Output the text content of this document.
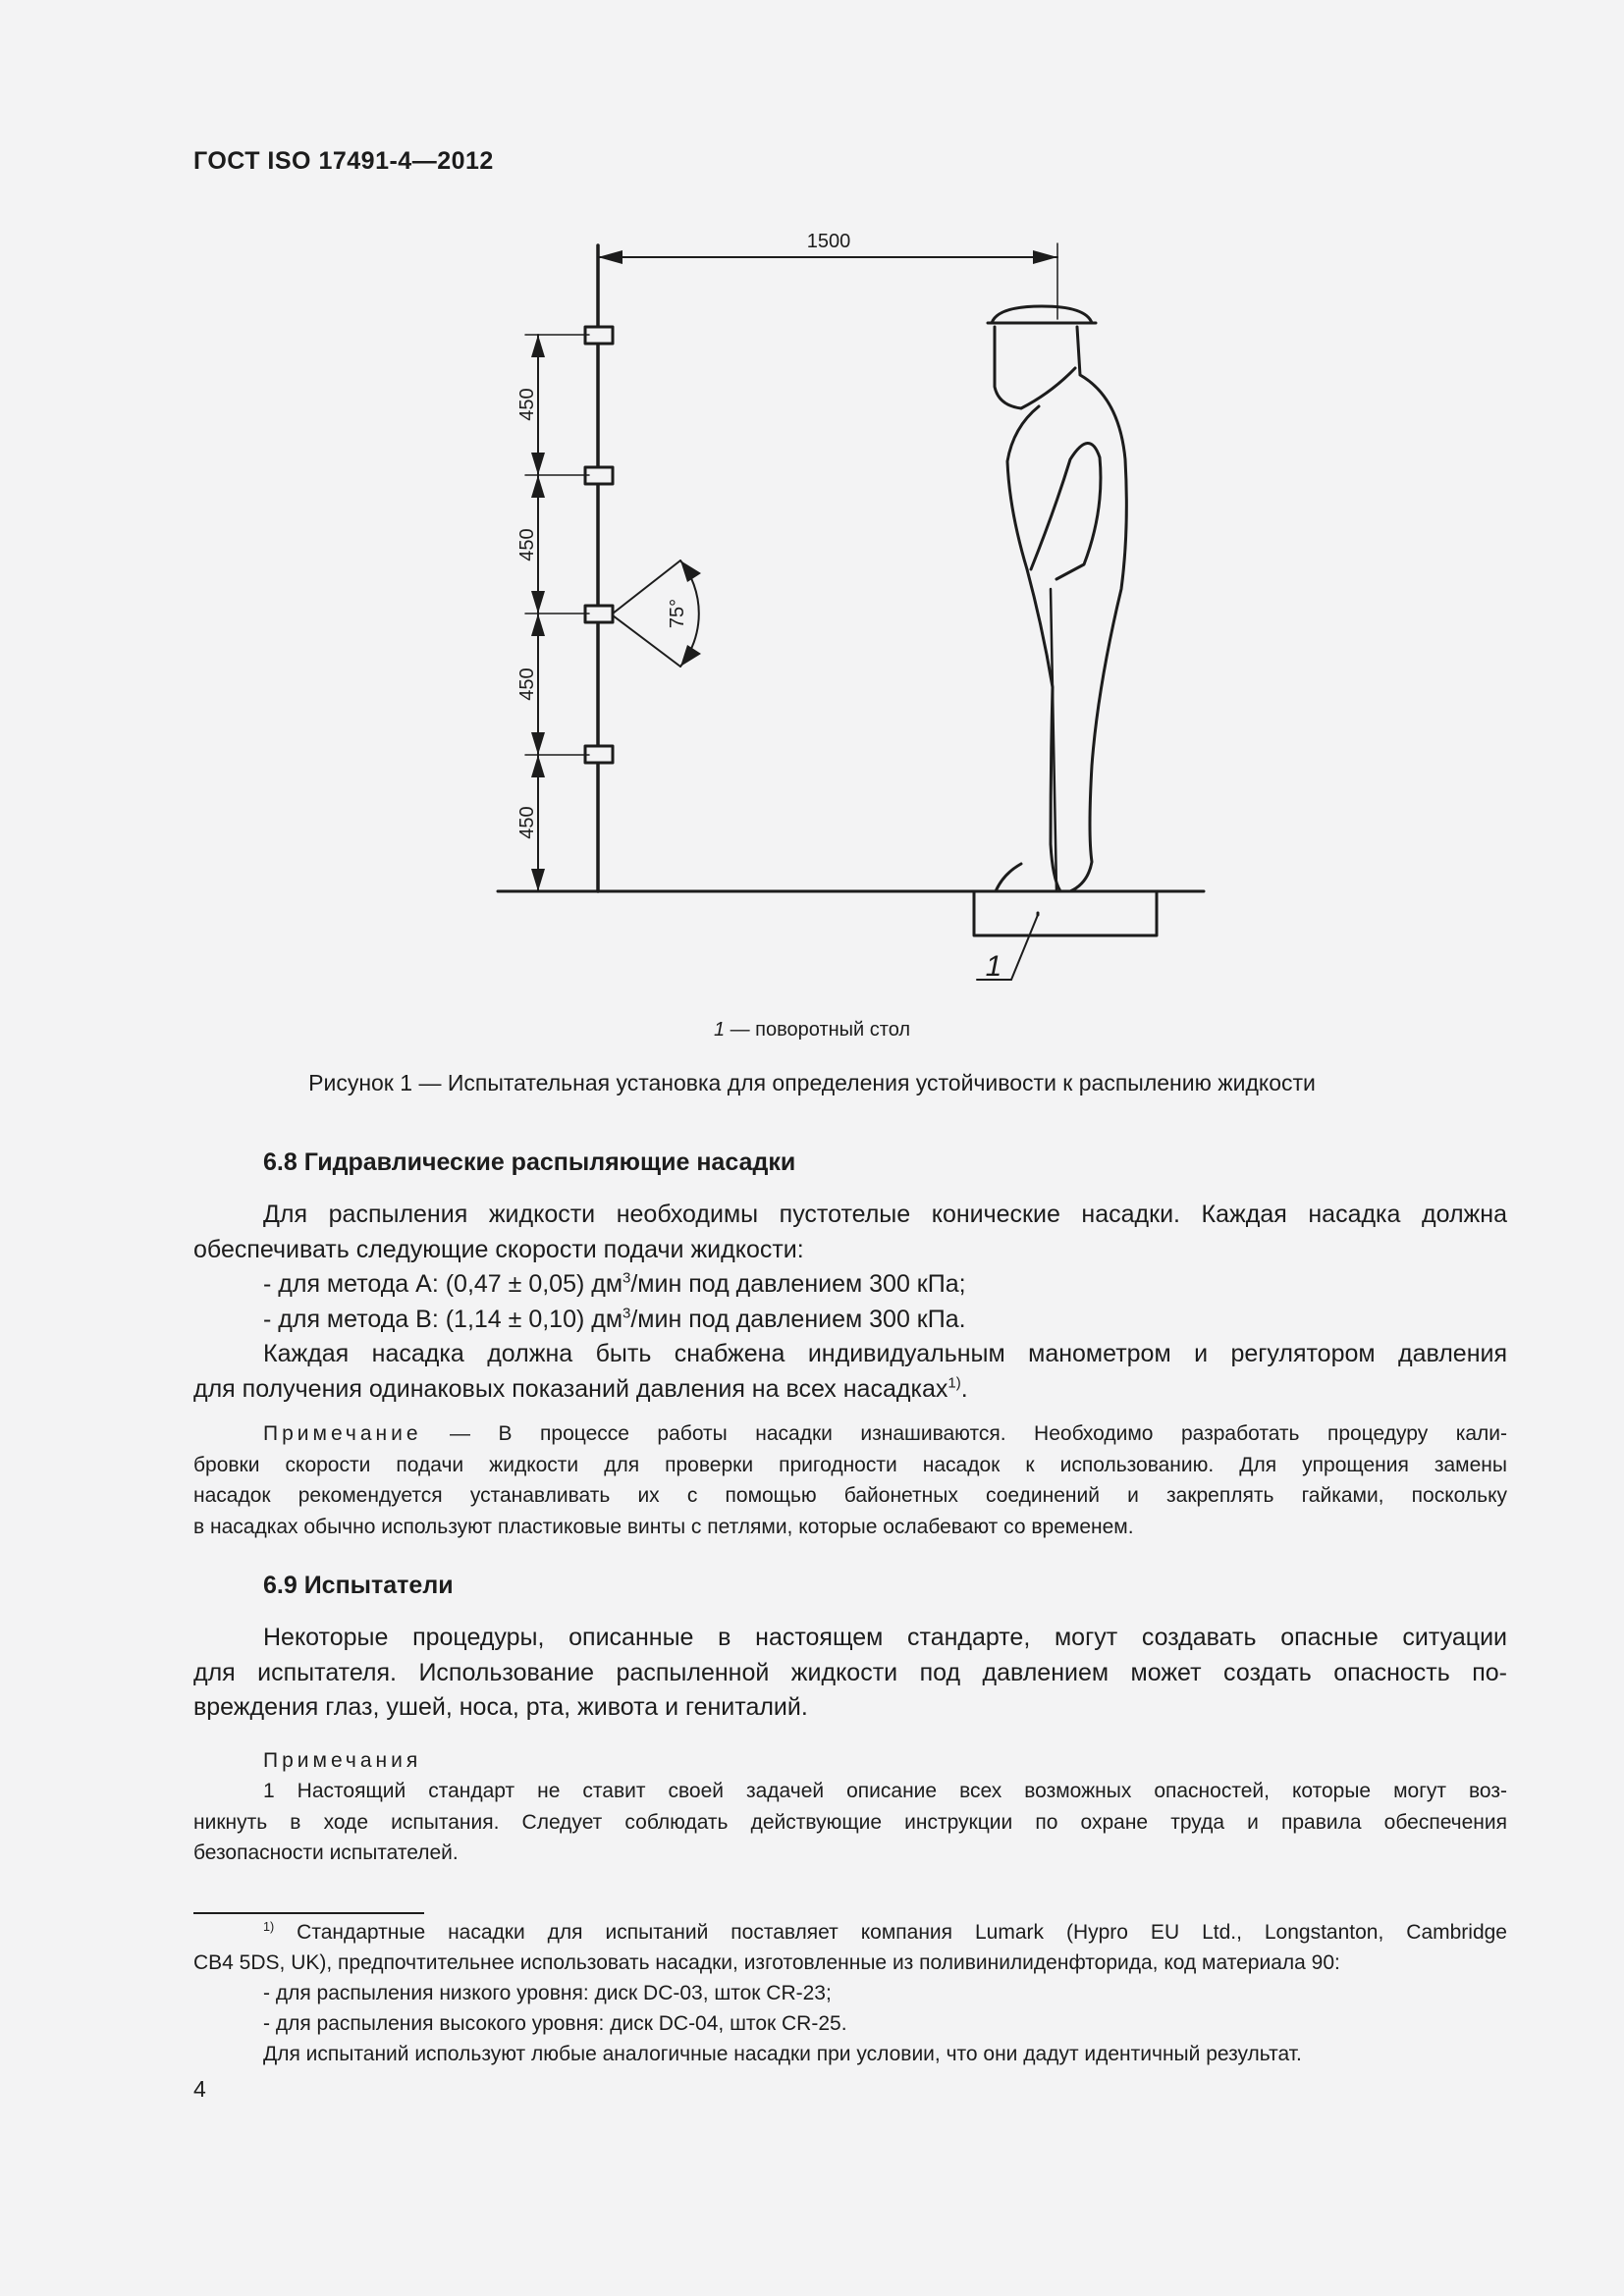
ГОСТ ISO 17491-4—2012
1500
450
450
450
450
75°
1
1 — поворотный стол
Рисунок 1 — Испытательная установка для определения устойчивости к распылению жидкости
6.8 Гидравлические распыляющие насадки

Для распыления жидкости необходимы пустотелые конические насадки. Каждая насадка должна

обеспечивать следующие скорости подачи жидкости:

- для метода А: (0,47 ± 0,05) $дм^3$/мин под давлением 300 кПа;

- для метода В: (1,14 ± 0,10) $дм^3$/мин под давлением 300 кПа.

Каждая насадка должна быть снабжена индивидуальным манометром и регулятором давления

для получения одинаковых показаний давления на всех насадках$^{1)}$.

Примечание — В процессе работы насадки изнашиваются. Необходимо разработать процедуру кали-

бровки скорости подачи жидкости для проверки пригодности насадок к использованию. Для упрощения замены

насадок рекомендуется устанавливать их с помощью байонетных соединений и закреплять гайками, поскольку

в насадках обычно используют пластиковые винты с петлями, которые ослабевают со временем.

6.9 Испытатели

Некоторые процедуры, описанные в настоящем стандарте, могут создавать опасные ситуации

для испытателя. Использование распыленной жидкости под давлением может создать опасность по-

вреждения глаз, ушей, носа, рта, живота и гениталий.

Примечания

1 Настоящий стандарт не ставит своей задачей описание всех возможных опасностей, которые могут воз-

никнуть в ходе испытания. Следует соблюдать действующие инструкции по охране труда и правила обеспечения

безопасности испытателей.

$^{1)}$ Стандартные насадки для испытаний поставляет компания Lumark (Hypro EU Ltd., Longstanton, Cambridge

CB4 5DS, UK), предпочтительнее использовать насадки, изготовленные из поливинилиденфторида, код материала 90:

- для распыления низкого уровня: диск DC-03, шток CR-23;

- для распыления высокого уровня: диск DC-04, шток CR-25.

Для испытаний используют любые аналогичные насадки при условии, что они дадут идентичный результат.

4
